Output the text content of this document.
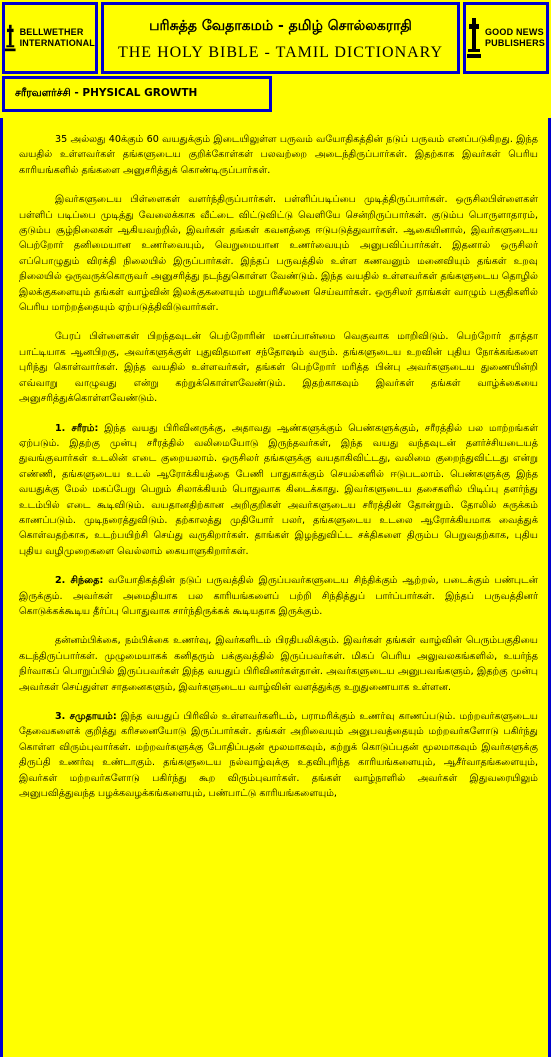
BELLWETHER
INTERNATIONAL
பரிசுத்த வேதாகமம் - தமிழ் சொல்லகராதி
THE HOLY BIBLE - TAMIL DICTIONARY
GOOD NEWS
PUBLISHERS
சரீரவளர்ச்சி - PHYSICAL GROWTH

35 அல்லது 40க்கும் 60 வயதுக்கும் இடையிலுள்ள பருவம் வயோதிகத்தின் நடுப் பருவம் எனப்படுகிறது. இந்த வயதில் உள்ளவர்கள் தங்களுடைய குறிக்கோள்கள் பலவற்றை அடைந்திருப்பார்கள். இதற்காக இவர்கள் பெரிய காரியங்களில் தங்களை அனுசரித்துக் கொண்டிருப்பார்கள்.

இவர்களுடைய பிள்ளைகள் வளர்ந்திருப்பார்கள். பள்ளிப்படிப்பை முடித்திருப்பார்கள். ஒருசிலபிள்ளைகள் பள்ளிப் படிப்பை முடித்து வேலைக்காக வீட்டை விட்டுவிட்டு வெளியே சென்றிருப்பார்கள். குடும்ப பொருளாதாரம், குடும்ப சூழ்நிலைகள் ஆகியவற்றில், இவர்கள் தங்கள் கவனத்தை ஈடுபடுத்துவார்கள். ஆகையினால், இவர்களுடைய பெற்றோர் தனிமையான உணர்வையும், வெறுமையான உணர்வையும் அனுபவிப்பார்கள். இதனால் ஒருசிலர் எப்பொழுதும் விரக்தி நிலையில் இருப்பார்கள். இந்தப் பருவத்தில் உள்ள கணவனும் மனைவியும் தங்கள் உறவு நிலையில் ஒருவருக்கொருவர் அனுசரித்து நடந்துகொள்ள வேண்டும். இந்த வயதில் உள்ளவர்கள் தங்களுடைய தொழில் இலக்குகளையும் தங்கள் வாழ்வின் இலக்குகளையும் மறுபரிசீலனை செய்வார்கள். ஒருசிலர் தாங்கள் வாழும் பகுதிகளில் பெரிய மாற்றத்தையும் ஏற்படுத்திவிடுவார்கள்.

பேரப் பிள்ளைகள் பிறந்தவுடன் பெற்றோரின் மனப்பான்மை வெகுவாக மாறிவிடும். பெற்றோர் தாத்தா பாட்டியாக ஆனபிறகு, அவர்களுக்குள் புதுவிதமான சந்தோஷம் வரும். தங்களுடைய உறவின் புதிய நோக்கங்களை புரிந்து கொள்வார்கள். இந்த வயதில் உள்ளவர்கள், தங்கள் பெற்றோர் மரித்த பின்பு அவர்களுடைய துணையின்றி எவ்வாறு வாழுவது என்று கற்றுக்கொள்ளவேண்டும். இதற்காகவும் இவர்கள் தங்கள் வாழ்க்கையை அனுசரித்துக்கொள்ளவேண்டும்.

1. சரீரம்: இந்த வயது பிரிவினருக்கு, அதாவது ஆண்களுக்கும் பெண்களுக்கும், சரீரத்தில் பல மாற்றங்கள் ஏற்படும். இதற்கு முன்பு சரீரத்தில் வலிமையோடு இருந்தவர்கள், இந்த வயது வந்தவுடன் தளர்ச்சியடையத் துவங்குவார்கள் உடலின் எடை குறையலாம். ஒருசிலர் தங்களுக்கு வயதாகிவிட்டது, வலிமை குறைந்துவிட்டது என்று எண்ணி, தங்களுடைய உடல் ஆரோக்கியத்தை பேணி பாதுகாக்கும் செயல்களில் ஈடுபடலாம். பெண்களுக்கு இந்த வயதுக்கு மேல் மகப்பேறு பெறும் சிலாக்கியம் பொதுவாக கிடைக்காது. இவர்களுடைய தசைகளில் பிடிப்பு தளர்ந்து உடம்பில் எடை கூடிவிடும். வயதானதிற்கான அறிகுறிகள் அவர்களுடைய சரீரத்தின் தோன்றும். தோலில் சுருக்கம் காணப்படும். முடிநரைத்துவிடும். தற்காலத்து முதியோர் பலர், தங்களுடைய உடலை ஆரோக்கியமாக வைத்துக் கொள்வதற்காக, உடற்பயிற்சி செய்து வருகிறார்கள். தாங்கள் இழந்துவிட்ட சக்திகளை திரும்ப பெறுவதற்காக, புதிய புதிய வழிமுறைகளை வெல்லாம் கையாளுகிறார்கள்.

2. சிந்தை: வயோதிகத்தின் நடுப் பருவத்தில் இருப்பவர்களுடைய சிந்திக்கும் ஆற்றல், படைக்கும் பண்புடன் இருக்கும். அவர்கள் அமைதியாக பல காரியங்களைப் பற்றி சிந்தித்துப் பார்ப்பார்கள். இந்தப் பருவத்தினர் கொடுக்கக்கூடிய தீர்ப்பு பொதுவாக சார்ந்திருக்கக் கூடியதாக இருக்கும்.

தன்னம்பிக்கை, நம்பிக்கை உணர்வு, இவர்களிடம் பிரதிபலிக்கும். இவர்கள் தங்கள் வாழ்வின் பெரும்பகுதியை கடந்திருப்பார்கள். முழுமையாகக் கனிதரும் பக்குவத்தில் இருப்பவர்கள். மிகப் பெரிய அலுவலகங்களில், உயர்ந்த நிர்வாகப் பொறுப்பில் இருப்பவர்கள் இந்த வயதுப் பிரிவினர்கள்தான். அவர்களுடைய அனுபவங்களும், இதற்கு முன்பு அவர்கள் செய்துள்ள சாதனைகளும், இவர்களுடைய வாழ்வின் வளத்துக்கு உறுதுணையாக உள்ளன.

3. சமுதாயம்: இந்த வயதுப் பிரிவில் உள்ளவர்களிடம், பராமரிக்கும் உணர்வு காணப்படும். மற்றவர்களுடைய தேவைகளைக் குறித்து கரிசனையோடு இருப்பார்கள். தங்கள் அறிவையும் அனுபவத்தையும் மற்றவர்களோடு பகிர்ந்து கொள்ள விரும்புவார்கள். மற்றவர்களுக்கு போதிப்பதன் மூலமாகவும், கற்றுக் கொடுப்பதன் மூலமாகவும் இவர்களுக்கு திருப்தி உணர்வு உண்டாகும். தங்களுடைய நல்வாழ்வுக்கு உதவிபுரிந்த காரியங்களையும், ஆசீர்வாதங்களையும், இவர்கள் மற்றவர்களோடு பகிர்ந்து கூற விரும்புவார்கள். தங்கள் வாழ்நாளில் அவர்கள் இதுவரையிலும் அனுபவித்துவந்த பழக்கவழக்கங்களையும், பண்பாட்டு காரியங்களையும்,
